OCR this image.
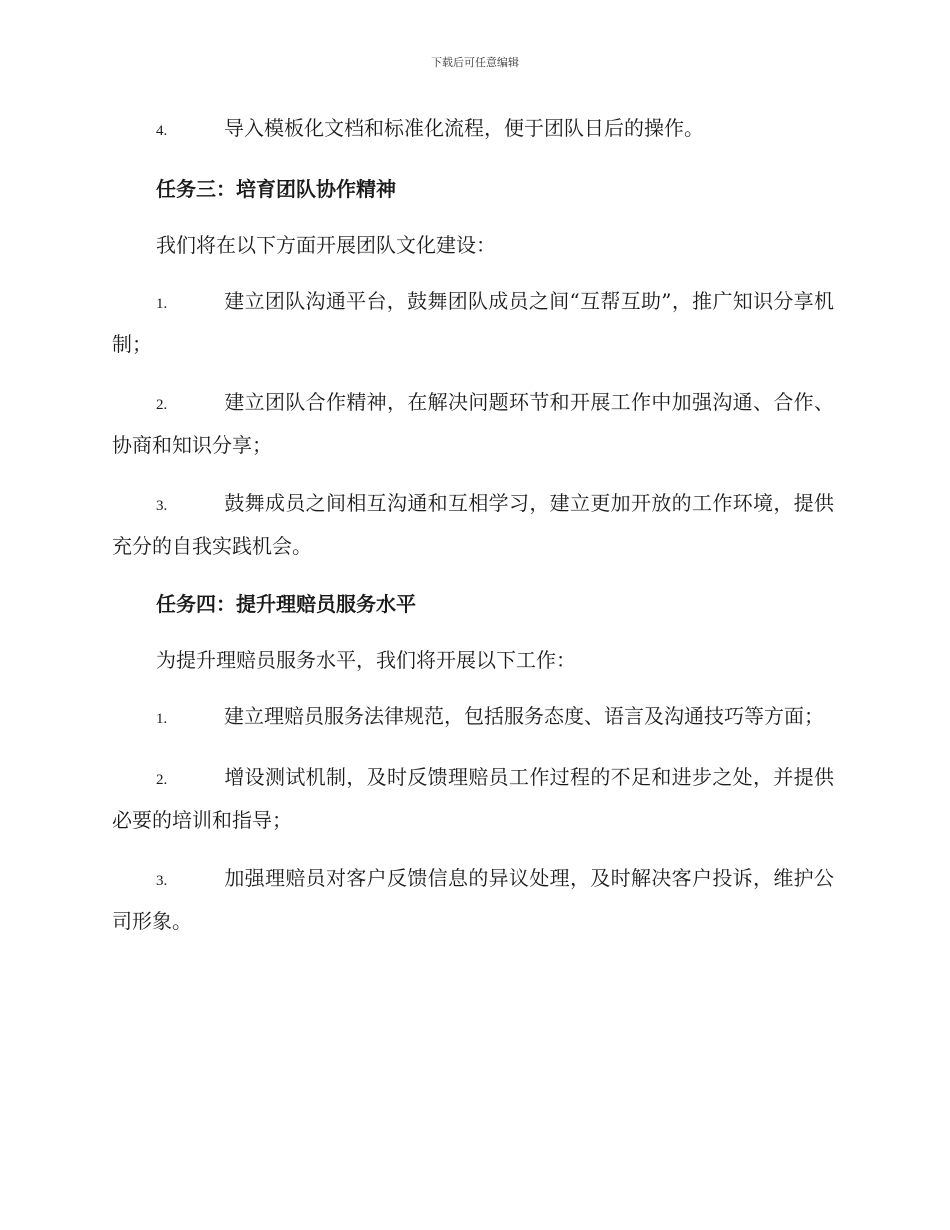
下载后可任意编辑

4.	导入模板化文档和标准化流程，便于团队日后的操作。

任务三：培育团队协作精神

我们将在以下方面开展团队文化建设：

1.	建立团队沟通平台，鼓舞团队成员之间“互帮互助”，推广知识分享机制；

2.	建立团队合作精神，在解决问题环节和开展工作中加强沟通、合作、协商和知识分享；

3.	鼓舞成员之间相互沟通和互相学习，建立更加开放的工作环境，提供充分的自我实践机会。

任务四：提升理赔员服务水平

为提升理赔员服务水平，我们将开展以下工作：

1.	建立理赔员服务法律规范，包括服务态度、语言及沟通技巧等方面；

2.	增设测试机制，及时反馈理赔员工作过程的不足和进步之处，并提供必要的培训和指导；

3.	加强理赔员对客户反馈信息的异议处理，及时解决客户投诉，维护公司形象。
